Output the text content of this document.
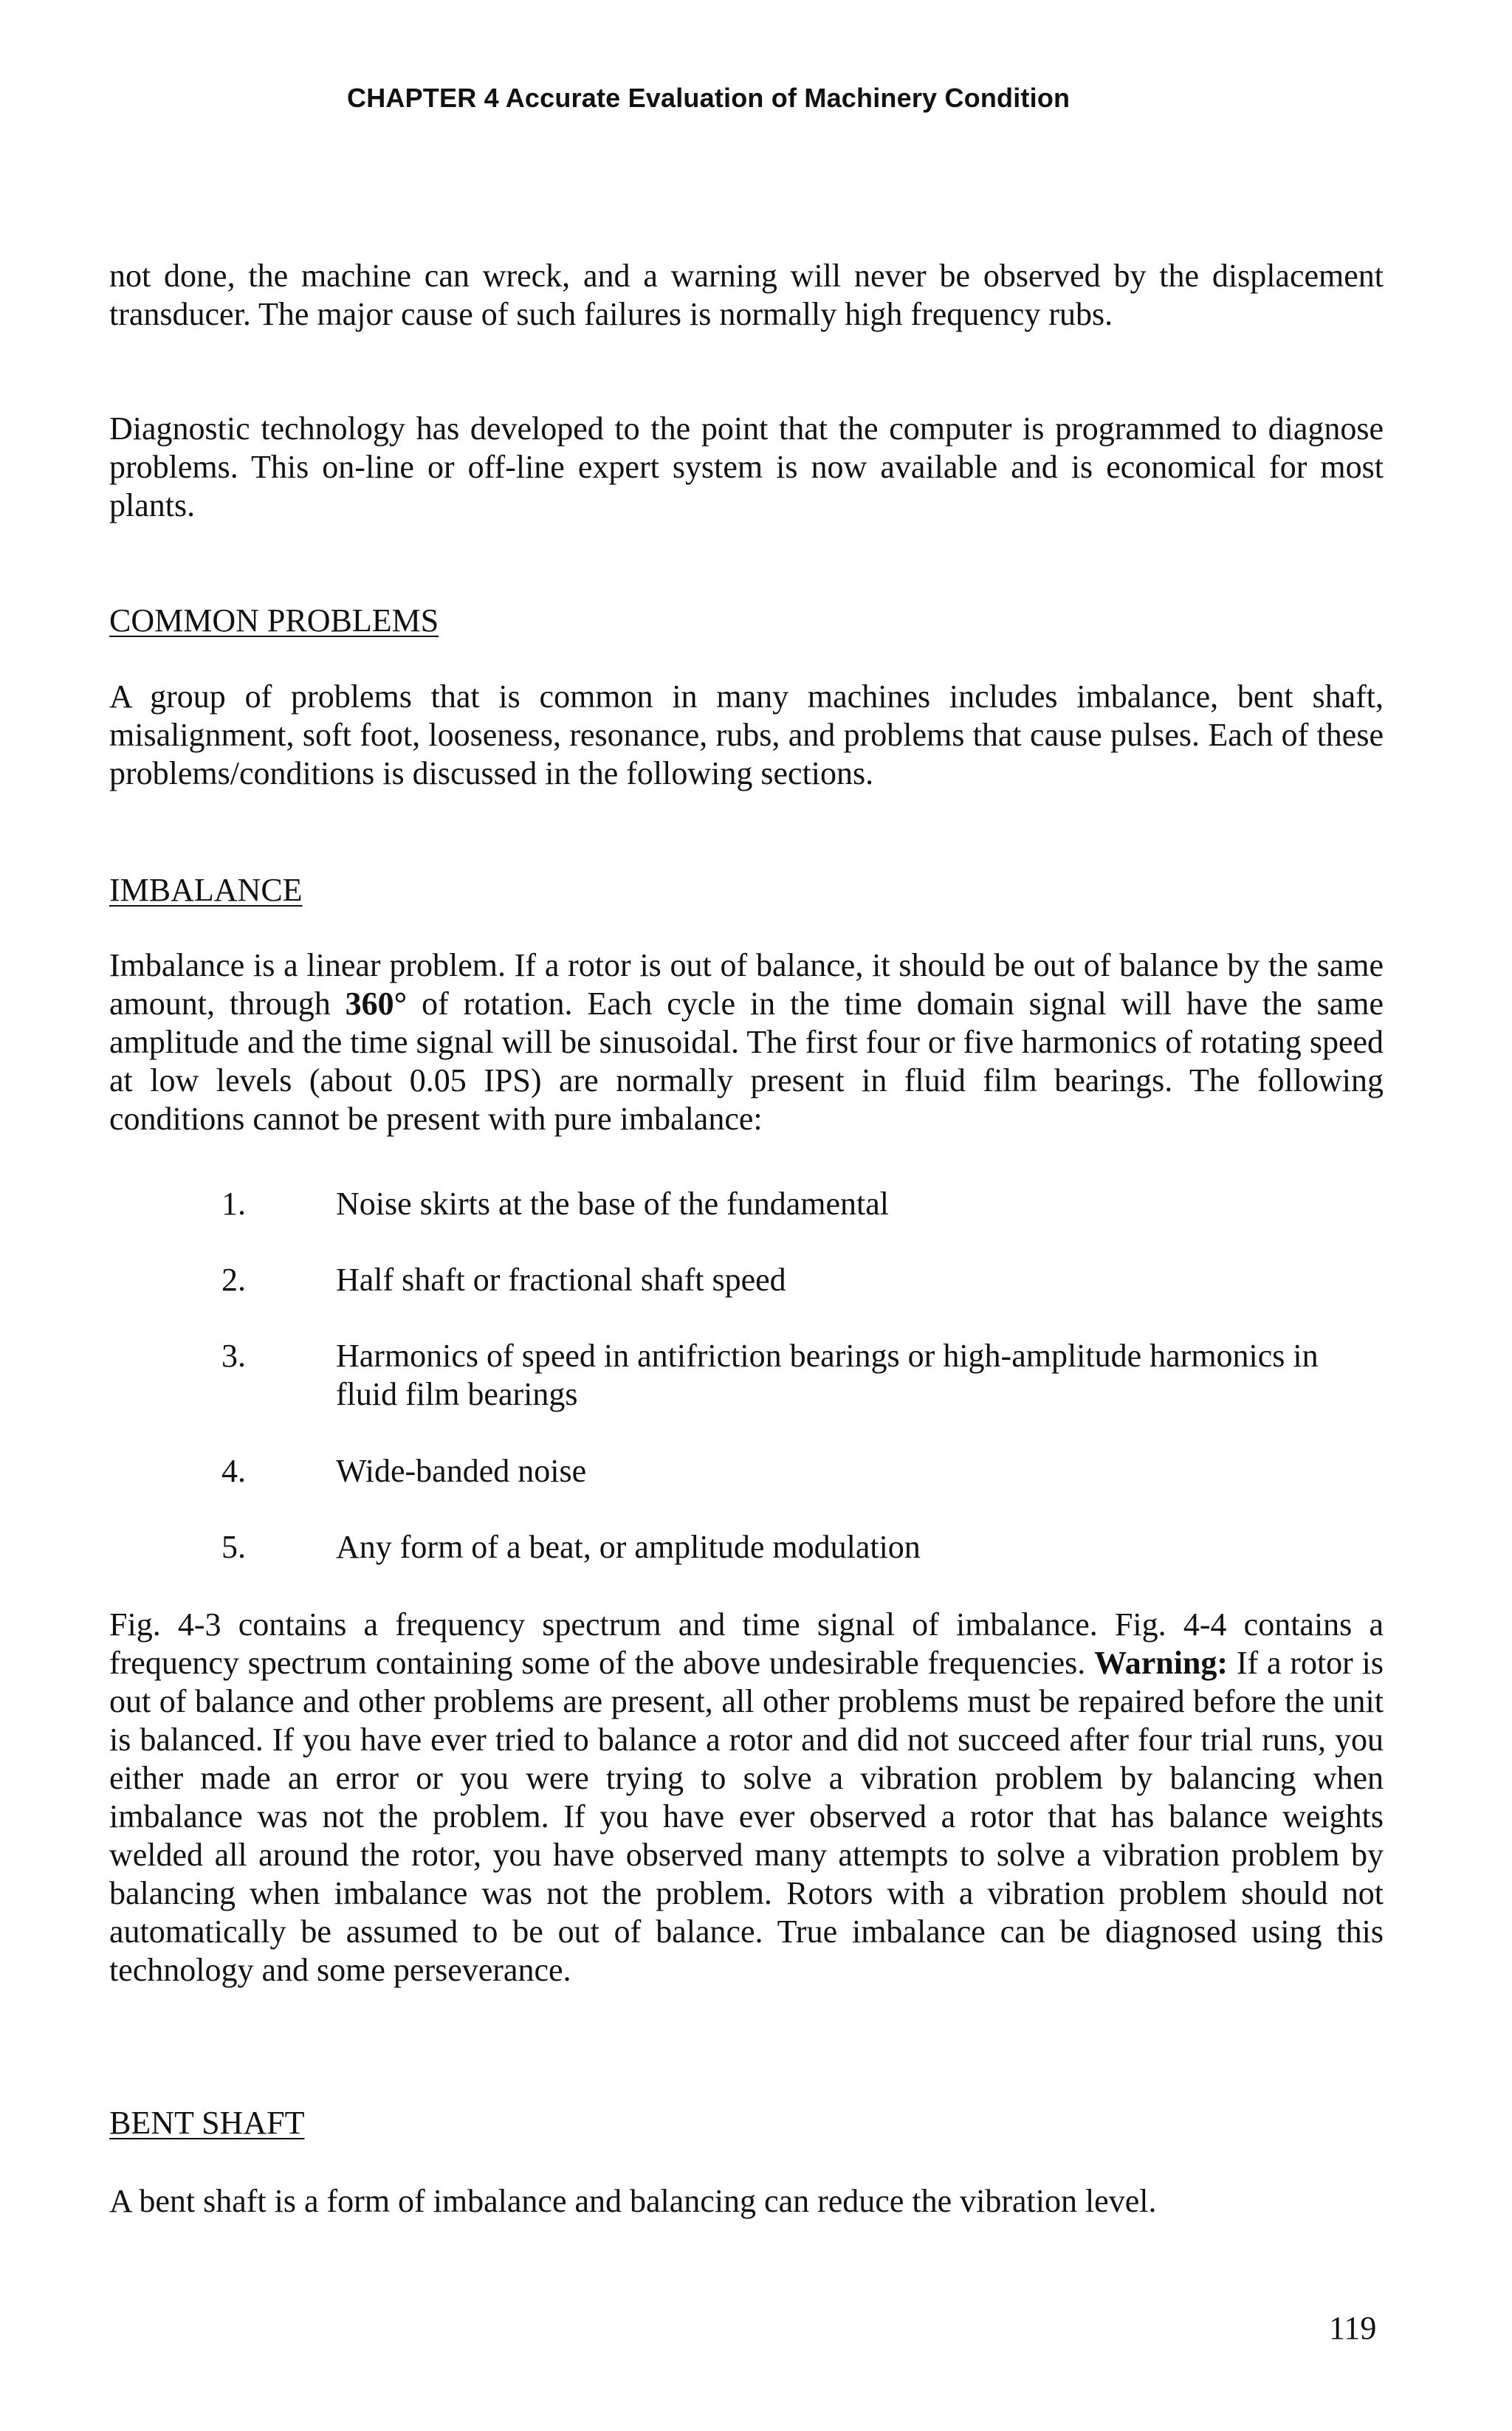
CHAPTER 4 Accurate Evaluation of Machinery Condition

not done, the machine can wreck, and a warning will never be observed by the displacement transducer. The major cause of such failures is normally high frequency rubs.

Diagnostic technology has developed to the point that the computer is programmed to diagnose problems. This on-line or off-line expert system is now available and is economical for most plants.

COMMON PROBLEMS

A group of problems that is common in many machines includes imbalance, bent shaft, misalignment, soft foot, looseness, resonance, rubs, and problems that cause pulses. Each of these problems/conditions is discussed in the following sections.

IMBALANCE

Imbalance is a linear problem. If a rotor is out of balance, it should be out of balance by the same amount, through 360° of rotation. Each cycle in the time domain signal will have the same amplitude and the time signal will be sinusoidal. The first four or five harmonics of rotating speed at low levels (about 0.05 IPS) are normally present in fluid film bearings. The following conditions cannot be present with pure imbalance:

1.	Noise skirts at the base of the fundamental
2.	Half shaft or fractional shaft speed
3.	Harmonics of speed in antifriction bearings or high-amplitude harmonics in fluid film bearings
4.	Wide-banded noise
5.	Any form of a beat, or amplitude modulation

Fig. 4-3 contains a frequency spectrum and time signal of imbalance. Fig. 4-4 contains a frequency spectrum containing some of the above undesirable frequencies. Warning: If a rotor is out of balance and other problems are present, all other problems must be repaired before the unit is balanced. If you have ever tried to balance a rotor and did not succeed after four trial runs, you either made an error or you were trying to solve a vibration problem by balancing when imbalance was not the problem. If you have ever observed a rotor that has balance weights welded all around the rotor, you have observed many attempts to solve a vibration problem by balancing when imbalance was not the problem. Rotors with a vibration problem should not automatically be assumed to be out of balance. True imbalance can be diagnosed using this technology and some perseverance.

BENT SHAFT

A bent shaft is a form of imbalance and balancing can reduce the vibration level.

119
